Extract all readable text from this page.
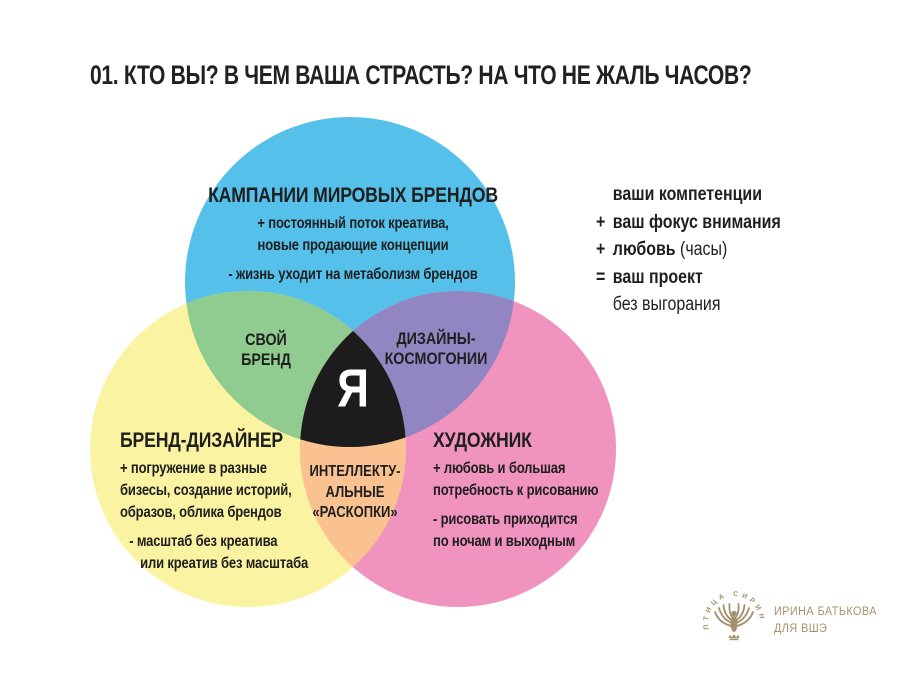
01. КТО ВЫ? В ЧЕМ ВАША СТРАСТЬ? НА ЧТО НЕ ЖАЛЬ ЧАСОВ?
КАМПАНИИ МИРОВЫХ БРЕНДОВ
+ постоянный поток креатива,
новые продающие концепции
- жизнь уходит на метаболизм брендов
СВОЙ
БРЕНД
ДИЗАЙНЫ-
КОСМОГОНИИ
Я
ИНТЕЛЛЕКТУ-
АЛЬНЫЕ
«РАСКОПКИ»
БРЕНД-ДИЗАЙНЕР
+ погружение в разные
бизесы, создание историй,
образов, облика брендов
- масштаб без креатива
или креатив без масштаба
ХУДОЖНИК
+ любовь и большая
потребность к рисованию
- рисовать приходится
по ночам и выходным
ваши компетенции
+ ваш фокус внимания
+ любовь (часы)
= ваш проект
без выгорания
ПТИЦА СИРИН ИРИНА БАТЬКОВА
ДЛЯ ВШЭ
